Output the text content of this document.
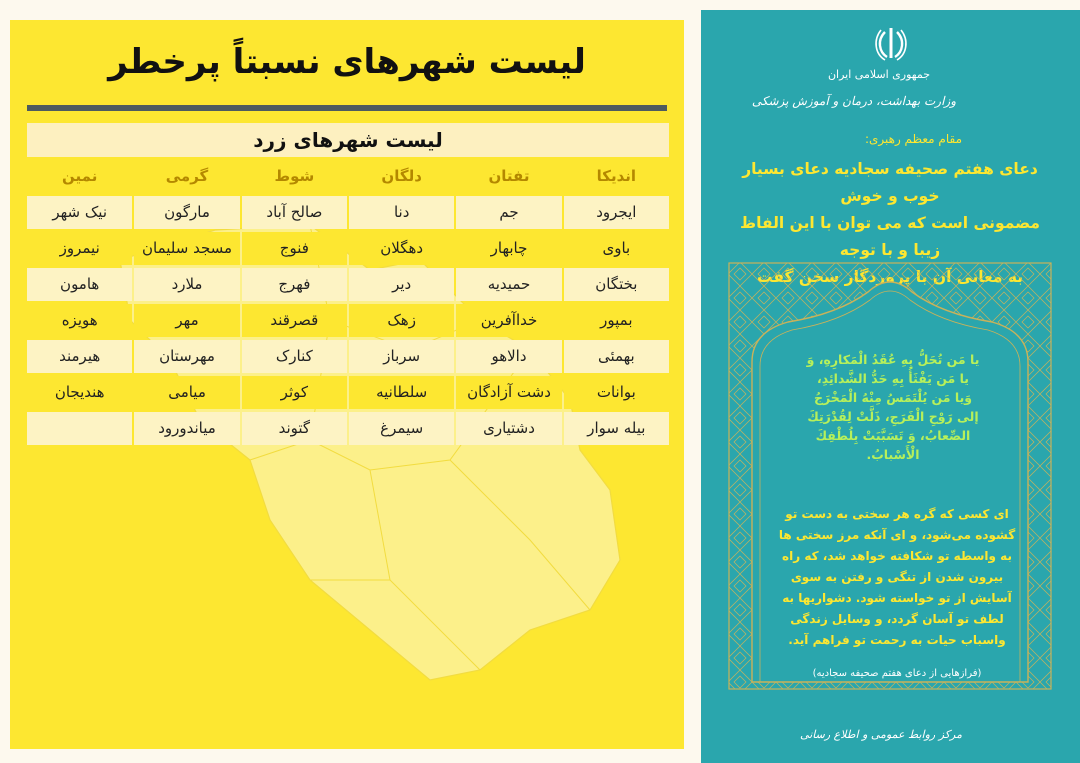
لیست شهرهای نسبتاً پرخطر
لیست شهرهای زرد
اندیکا
تفتان
دلگان
شوط
گرمی
نمین
ایجرود
جم
دنا
صالح آباد
مارگون
نیک شهر
باوی
چابهار
دهگلان
فنوج
مسجد سلیمان
نیمروز
بختگان
حمیدیه
دیر
فهرج
ملارد
هامون
بمپور
خداآفرین
زهک
قصرقند
مهر
هویزه
بهمئی
دالاهو
سرباز
کنارک
مهرستان
هیرمند
بوانات
دشت آزادگان
سلطانیه
کوثر
میامی
هندیجان
بیله سوار
دشتیاری
سیمرغ
گتوند
میاندورود
جمهوری اسلامی ایران
وزارت بهداشت، درمان و آموزش پزشکی
مقام معظم رهبری:
دعای هفتم صحیفه سجادیه دعای بسیار خوب و خوش
مضمونی است که می توان با این الفاظ زیبا و با توجه
یا مَن تُحَلُّ بِهِ عُقَدُ الْمَكارِهِ، وَ
یا مَن یَفْثَأُ بِهِ حَدُّ الشَّدائِدِ،
وَیا مَن یُلْتَمَسُ مِنْهُ الْمَخْرَجُ
إلی رَوْحِ الْفَرَجِ، ذَلَّتْ لِقُدْرَتِكَ
الصِّعابُ، وَ تَسَبَّبَتْ بِلُطْفِكَ
الْأَسْبابُ.
ای کسی که گره هر سختی به دست تو
گشوده می‌شود، و ای آنکه مرز سختی ها
به واسطه تو شکافته خواهد شد، که راه
بیرون شدن از تنگی و رفتن به سوی
آسایش از تو خواسته شود. دشواریها به
لطف تو آسان گردد، و وسایل زندگی
واسباب حیات به رحمت تو فراهم آید.
(فرازهایی از دعای هفتم صحیفه سجادیه)
مرکز روابط عمومی و اطلاع رسانی
